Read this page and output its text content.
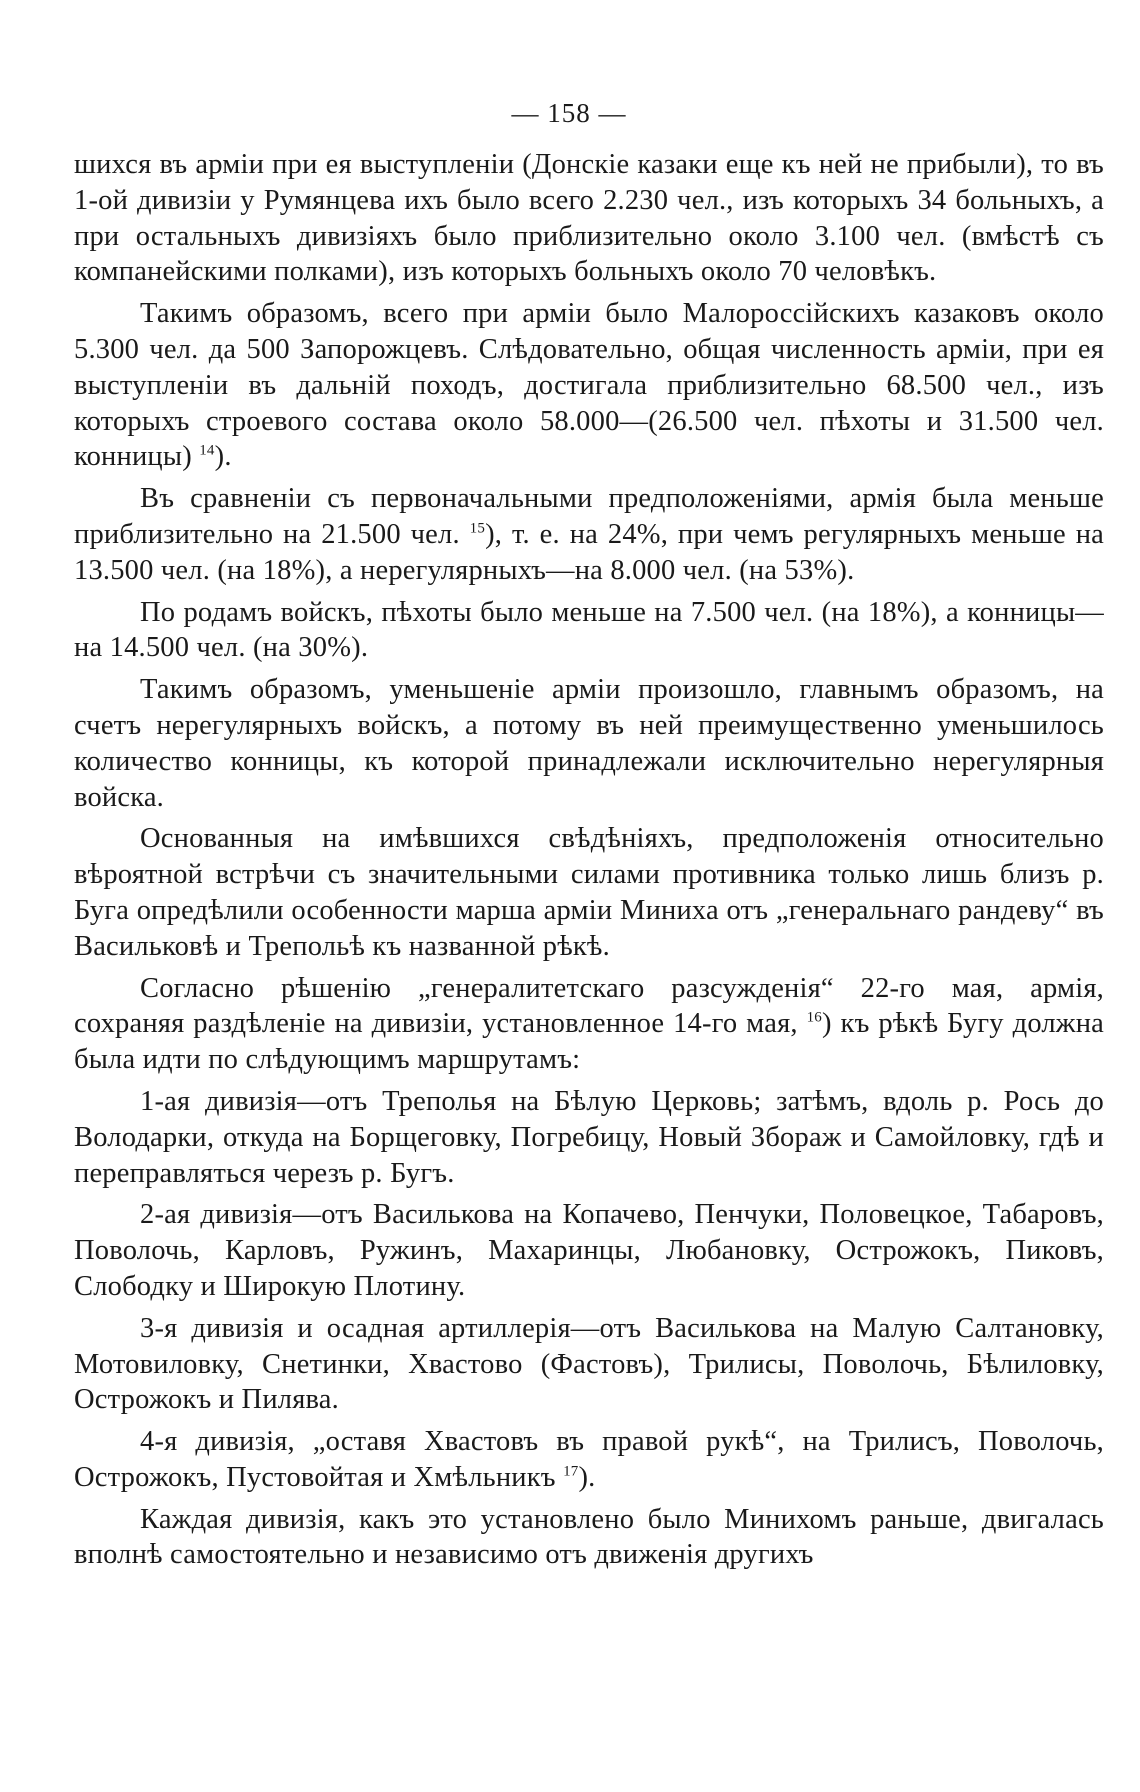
— 158 —

шихся въ арміи при ея выступленіи (Донскіе казаки еще къ ней не прибыли), то въ 1-ой дивизіи у Румянцева ихъ было всего 2.230 чел., изъ которыхъ 34 больныхъ, а при остальныхъ дивизіяхъ было приблизительно около 3.100 чел. (вмѣстѣ съ компанейскими полками), изъ которыхъ больныхъ около 70 человѣкъ.

Такимъ образомъ, всего при арміи было Малороссійскихъ казаковъ около 5.300 чел. да 500 Запорожцевъ. Слѣдовательно, общая численность арміи, при ея выступленіи въ дальній походъ, достигала приблизительно 68.500 чел., изъ которыхъ строевого состава около 58.000—(26.500 чел. пѣхоты и 31.500 чел. конницы) $^{14}$).

Въ сравненіи съ первоначальными предположеніями, армія была меньше приблизительно на 21.500 чел. $^{15}$), т. е. на 24%, при чемъ регулярныхъ меньше на 13.500 чел. (на 18%), а нерегулярныхъ—на 8.000 чел. (на 53%).

По родамъ войскъ, пѣхоты было меньше на 7.500 чел. (на 18%), а конницы—на 14.500 чел. (на 30%).

Такимъ образомъ, уменьшеніе арміи произошло, главнымъ образомъ, на счетъ нерегулярныхъ войскъ, а потому въ ней преимущественно уменьшилось количество конницы, къ которой принадлежали исключительно нерегулярныя войска.

Основанныя на имѣвшихся свѣдѣніяхъ, предположенія относительно вѣроятной встрѣчи съ значительными силами противника только лишь близъ р. Буга опредѣлили особенности марша арміи Миниха отъ „генеральнаго рандеву“ въ Васильковѣ и Трепольѣ къ названной рѣкѣ.

Согласно рѣшенію „генералитетскаго разсужденія“ 22-го мая, армія, сохраняя раздѣленіе на дивизіи, установленное 14-го мая, $^{16}$) къ рѣкѣ Бугу должна была идти по слѣдующимъ маршрутамъ:

1-ая дивизія—отъ Треполья на Бѣлую Церковь; затѣмъ, вдоль р. Рось до Володарки, откуда на Борщеговку, Погребицу, Новый Збораж и Самойловку, гдѣ и переправляться черезъ р. Бугъ.

2-ая дивизія—отъ Василькова на Копачево, Пенчуки, Половецкое, Табаровъ, Поволочь, Карловъ, Ружинъ, Махаринцы, Любановку, Острожокъ, Пиковъ, Слободку и Широкую Плотину.

3-я дивизія и осадная артиллерія—отъ Василькова на Малую Салтановку, Мотовиловку, Снетинки, Хвастово (Фастовъ), Трилисы, Поволочь, Бѣлиловку, Острожокъ и Пилява.

4-я дивизія, „оставя Хвастовъ въ правой рукѣ“, на Трилисъ, Поволочь, Острожокъ, Пустовойтая и Хмѣльникъ $^{17}$).

Каждая дивизія, какъ это установлено было Минихомъ раньше, двигалась вполнѣ самостоятельно и независимо отъ движенія другихъ
